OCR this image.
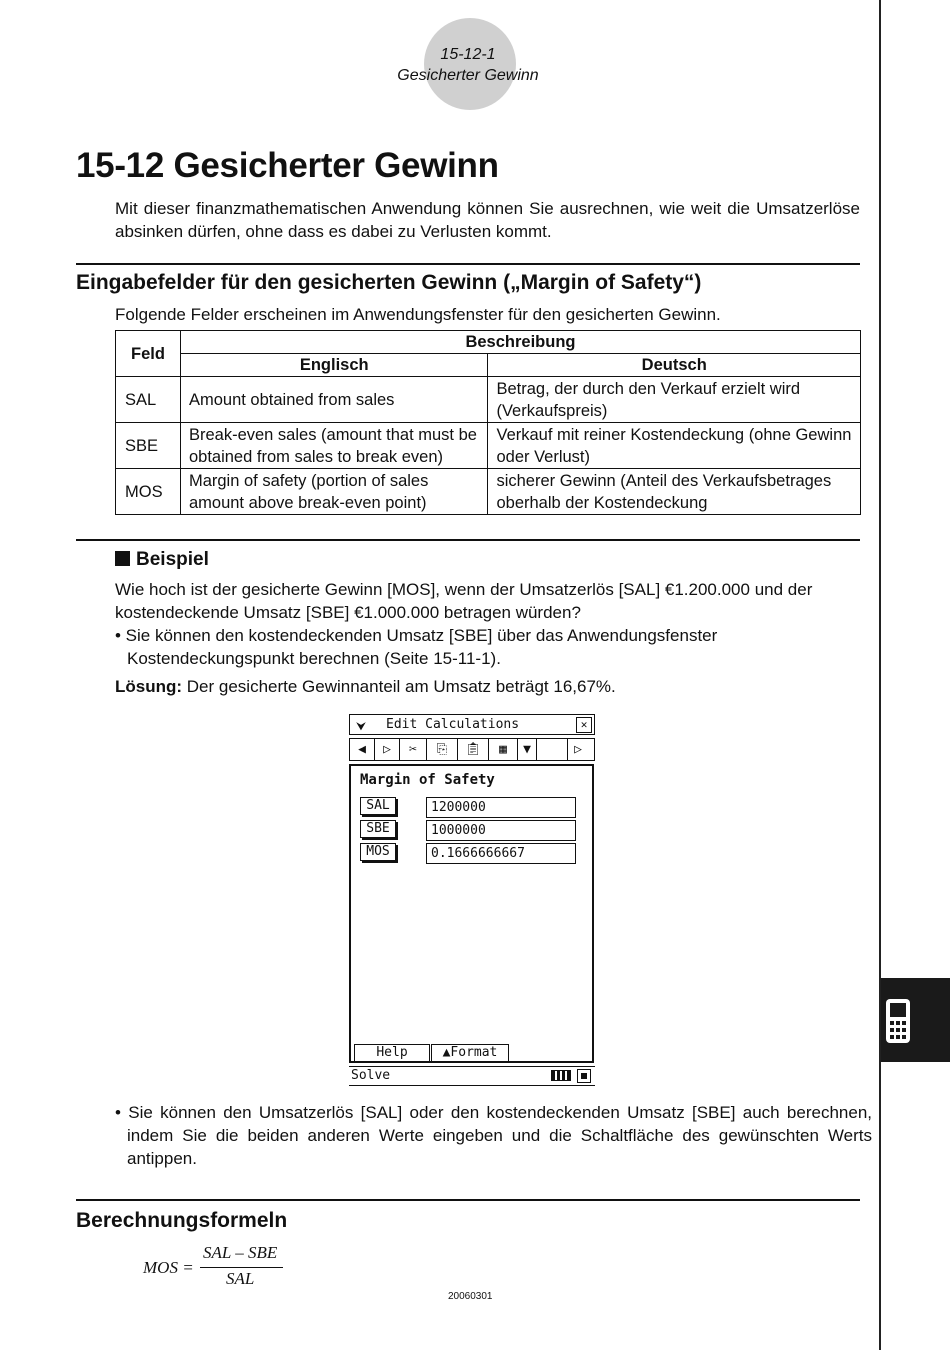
15-12-1
Gesicherter Gewinn
15-12 Gesicherter Gewinn

Mit dieser finanzmathematischen Anwendung können Sie ausrechnen, wie weit die Umsatzerlöse absinken dürfen, ohne dass es dabei zu Verlusten kommt.

Eingabefelder für den gesicherten Gewinn („Margin of Safety“)

Folgende Felder erscheinen im Anwendungsfenster für den gesicherten Gewinn.

Feld	Beschreibung	
	Englisch	Deutsch
SAL	Amount obtained from sales	Betrag, der durch den Verkauf erzielt wird (Verkaufspreis)
SBE	Break-even sales (amount that must be obtained from sales to break even)	Verkauf mit reiner Kostendeckung (ohne Gewinn oder Verlust)
MOS	Margin of safety (portion of sales amount above break-even point)	sicherer Gewinn (Anteil des Verkaufsbetrages oberhalb der Kostendeckung
Beispiel

Wie hoch ist der gesicherte Gewinn [MOS], wenn der Umsatzerlös [SAL] €1.200.000 und der kostendeckende Umsatz [SBE] €1.000.000 betragen würden?

• Sie können den kostendeckenden Umsatz [SBE] über das Anwendungsfenster Kostendeckungspunkt berechnen (Seite 15-11-1).

Lösung: Der gesicherte Gewinnanteil am Umsatz beträgt 16,67%.

⮟ Edit Calculations	✕
◀	▷	✂	⎘	📋︎	▦	▼	▷
Margin of Safety
SAL	1200000
SBE	1000000
MOS	0.1666666667
Help	▲Format
Solve

• Sie können den Umsatzerlös [SAL] oder den kostendeckenden Umsatz [SBE] auch berechnen, indem Sie die beiden anderen Werte eingeben und die Schaltfläche des gewünschten Werts antippen.

Berechnungsformeln
MOS =
SAL – SBE
SAL
20060301
